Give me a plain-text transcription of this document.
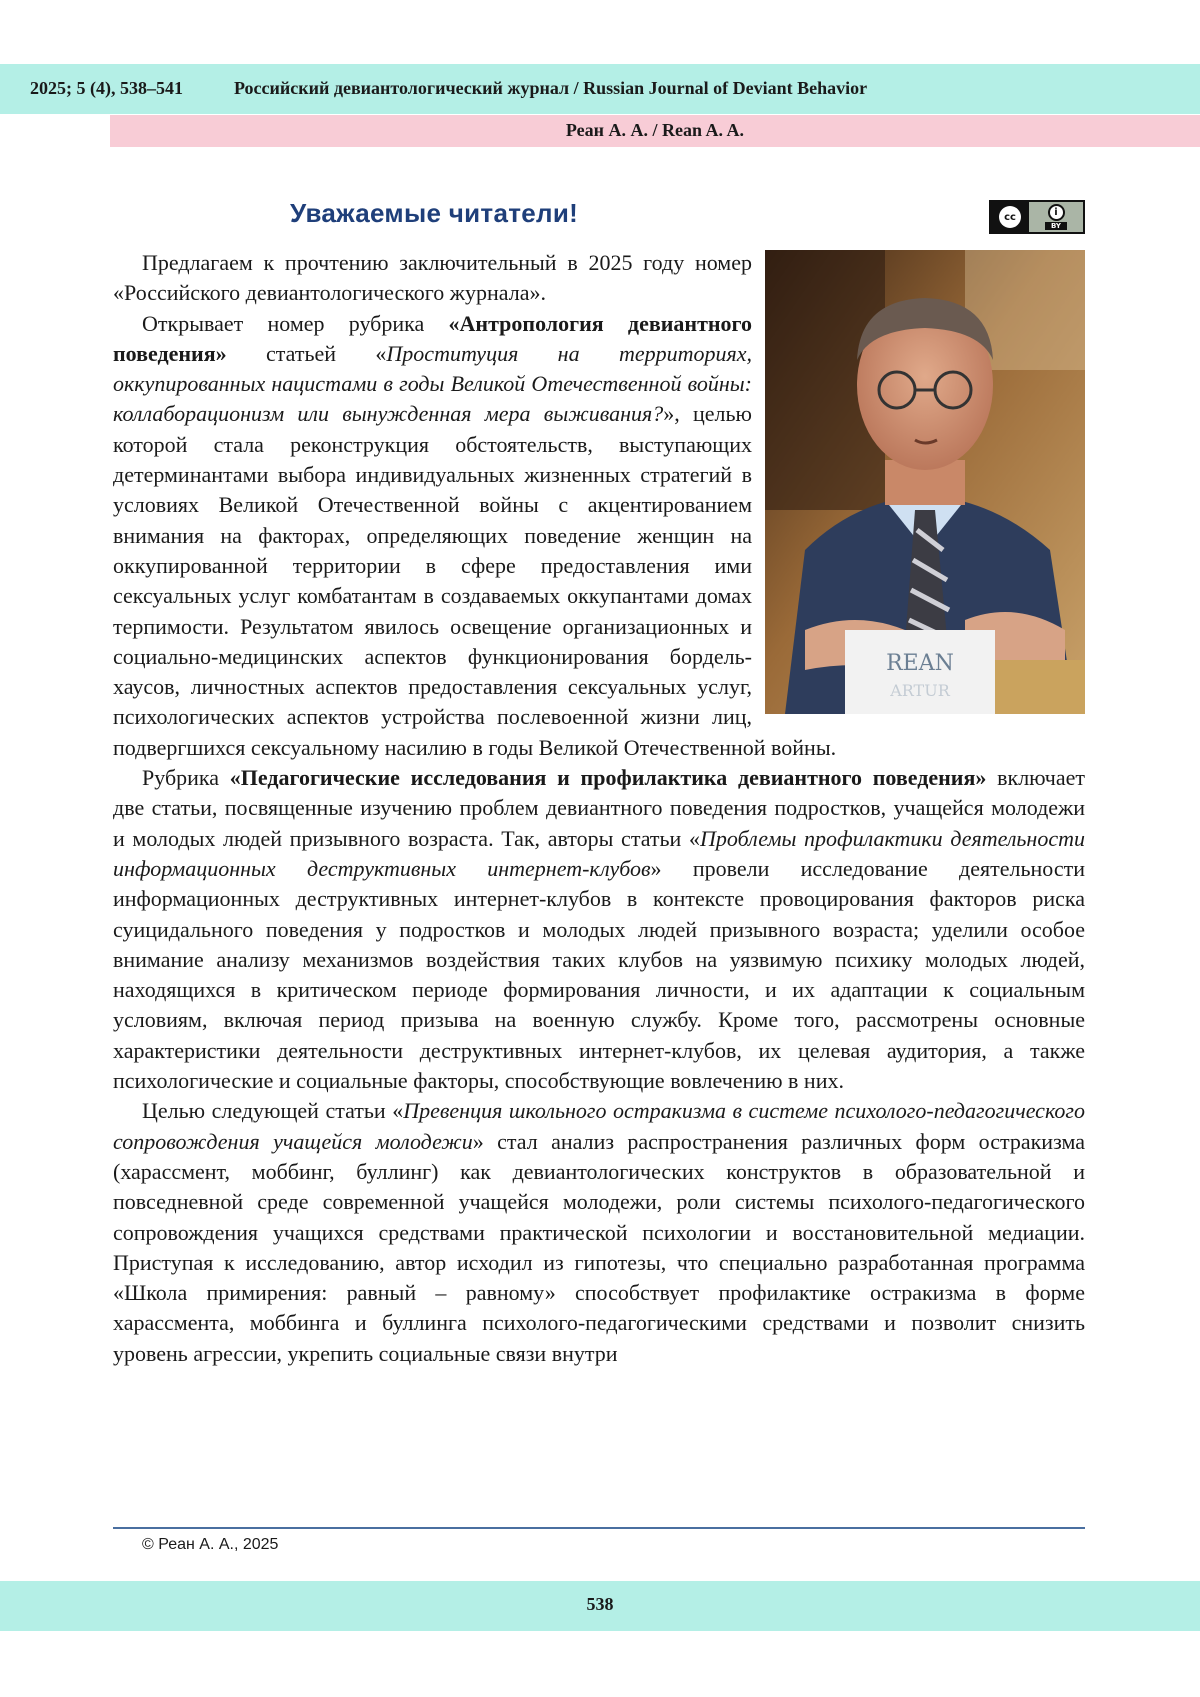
2025; 5 (4), 538–541	Российский девиантологический журнал / Russian Journal of Deviant Behavior
Реан А. А. / Rean A. A.
Уважаемые читатели!	cc	i
BY
REAN
ARTUR

Предлагаем к прочтению заключительный в 2025 году номер «Российского девиантологического журнала».

Открывает номер рубрика «Антропология девиантного поведения» статьей «Проституция на территориях, оккупированных нацистами в годы Великой Отечественной войны: коллаборационизм или вынужденная мера выживания?», целью которой стала реконструкция обстоятельств, выступающих детерминантами выбора индивидуальных жизненных стратегий в условиях Великой Отечественной войны с акцентированием внимания на факторах, определяющих поведение женщин на оккупированной территории в сфере предоставления ими сексуальных услуг комбатантам в создаваемых оккупантами домах терпимости. Результатом явилось освещение организационных и социально-медицинских аспектов функционирования бордель-хаусов, личностных аспектов предоставления сексуальных услуг, психологических аспектов устройства послевоенной жизни лиц, подвергшихся сексуальному насилию в годы Великой Отечественной войны.

Рубрика «Педагогические исследования и профилактика девиантного поведения» включает две статьи, посвященные изучению проблем девиантного поведения подростков, учащейся молодежи и молодых людей призывного возраста. Так, авторы статьи «Проблемы профилактики деятельности информационных деструктивных интернет-клубов» провели исследование деятельности информационных деструктивных интернет-клубов в контексте провоцирования факторов риска суицидального поведения у подростков и молодых людей призывного возраста; уделили особое внимание анализу механизмов воздействия таких клубов на уязвимую психику молодых людей, находящихся в критическом периоде формирования личности, и их адаптации к социальным условиям, включая период призыва на военную службу. Кроме того, рассмотрены основные характеристики деятельности деструктивных интернет-клубов, их целевая аудитория, а также психологические и социальные факторы, способствующие вовлечению в них.

Целью следующей статьи «Превенция школьного остракизма в системе психолого-педагогического сопровождения учащейся молодежи» стал анализ распространения различных форм остракизма (харассмент, моббинг, буллинг) как девиантологических конструктов в образовательной и повседневной среде современной учащейся молодежи, роли системы психолого-педагогического сопровождения учащихся средствами практической психологии и восстановительной медиации. Приступая к исследованию, автор исходил из гипотезы, что специально разработанная программа «Школа примирения: равный – равному» способствует профилактике остракизма в форме харассмента, моббинга и буллинга психолого-педагогическими средствами и позволит снизить уровень агрессии, укрепить социальные связи внутри

© Реан А. А., 2025
538
